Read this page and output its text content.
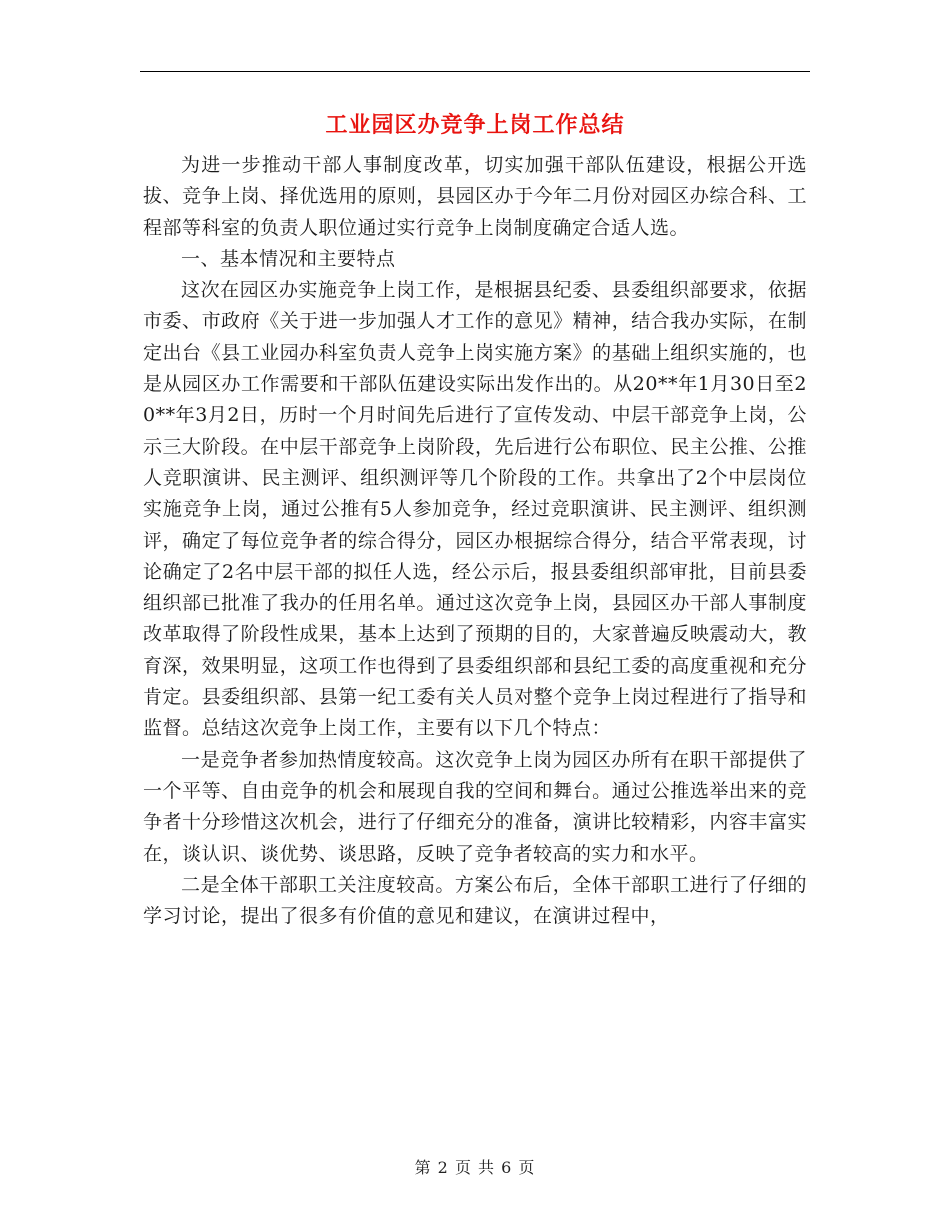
工业园区办竞争上岗工作总结

为进一步推动干部人事制度改革，切实加强干部队伍建设，根据公开选拔、竞争上岗、择优选用的原则，县园区办于今年二月份对园区办综合科、工程部等科室的负责人职位通过实行竞争上岗制度确定合适人选。

一、基本情况和主要特点

这次在园区办实施竞争上岗工作，是根据县纪委、县委组织部要求，依据市委、市政府《关于进一步加强人才工作的意见》精神，结合我办实际，在制定出台《县工业园办科室负责人竞争上岗实施方案》的基础上组织实施的，也是从园区办工作需要和干部队伍建设实际出发作出的。从20**年1月30日至20**年3月2日，历时一个月时间先后进行了宣传发动、中层干部竞争上岗，公示三大阶段。在中层干部竞争上岗阶段，先后进行公布职位、民主公推、公推人竞职演讲、民主测评、组织测评等几个阶段的工作。共拿出了2个中层岗位实施竞争上岗，通过公推有5人参加竞争，经过竞职演讲、民主测评、组织测评，确定了每位竞争者的综合得分，园区办根据综合得分，结合平常表现，讨论确定了2名中层干部的拟任人选，经公示后，报县委组织部审批，目前县委组织部已批准了我办的任用名单。通过这次竞争上岗，县园区办干部人事制度改革取得了阶段性成果，基本上达到了预期的目的，大家普遍反映震动大，教育深，效果明显，这项工作也得到了县委组织部和县纪工委的高度重视和充分肯定。县委组织部、县第一纪工委有关人员对整个竞争上岗过程进行了指导和监督。总结这次竞争上岗工作，主要有以下几个特点：

一是竞争者参加热情度较高。这次竞争上岗为园区办所有在职干部提供了一个平等、自由竞争的机会和展现自我的空间和舞台。通过公推选举出来的竞争者十分珍惜这次机会，进行了仔细充分的准备，演讲比较精彩，内容丰富实在，谈认识、谈优势、谈思路，反映了竞争者较高的实力和水平。

二是全体干部职工关注度较高。方案公布后，全体干部职工进行了仔细的学习讨论，提出了很多有价值的意见和建议，在演讲过程中，

第 2 页 共 6 页
